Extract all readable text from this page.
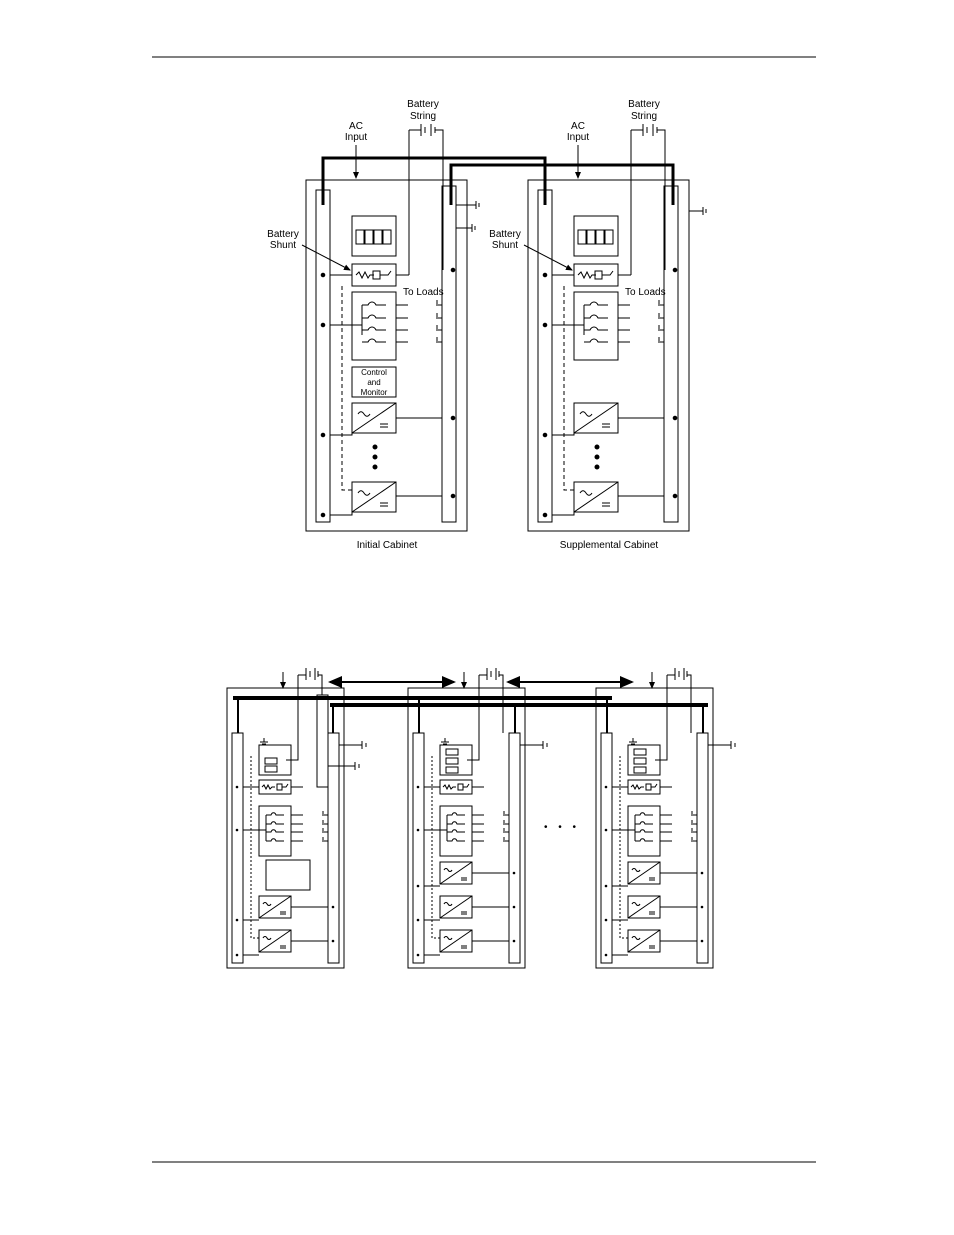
AC
Input
Battery
String
Battery
Shunt
To Loads
Control
and
Monitor
Initial Cabinet
AC
Input
Battery
String
Battery
Shunt
To Loads
Supplemental Cabinet
• • •
